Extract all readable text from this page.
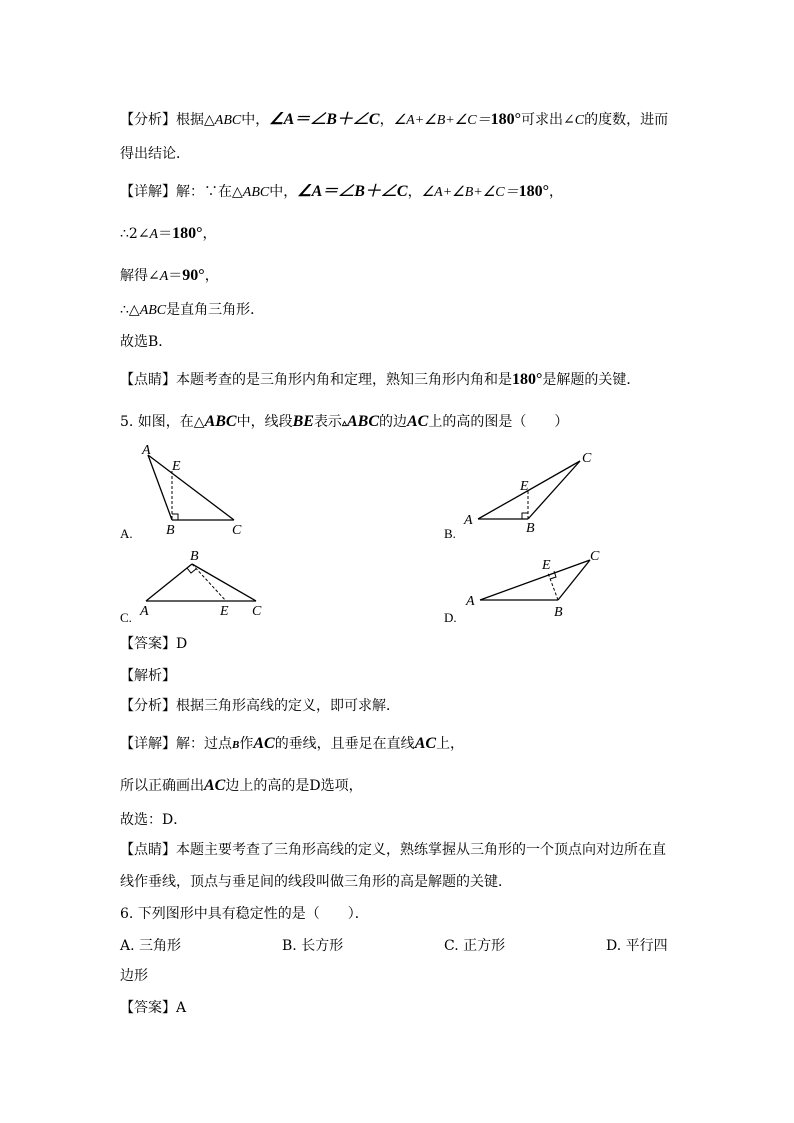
【分析】根据△ABC中，∠A＝∠B＋∠C，∠A+∠B+∠C＝180°可求出∠C的度数，进而
得出结论．
【详解】解：∵在△ABC中，∠A＝∠B＋∠C，∠A+∠B+∠C＝180°，
∴2∠A＝180°，
解得∠A＝90°，
∴△ABC是直角三角形．
故选B．
【点睛】本题考查的是三角形内角和定理，熟知三角形内角和是180°是解题的关键．
5. 如图，在△ABC中，线段BE表示▵ABC的边AC上的高的图是（　　）
A
E
B	C
A.
A
E
B
C
B.
A
B
E C
C.
A
E
B
C
D.
【答案】D
【解析】
【分析】根据三角形高线的定义，即可求解．
【详解】解：过点B作AC的垂线，且垂足在直线AC上，
所以正确画出AC边上的高的是D选项，
故选：D．
【点睛】本题主要考查了三角形高线的定义，熟练掌握从三角形的一个顶点向对边所在直
线作垂线，顶点与垂足间的线段叫做三角形的高是解题的关键．
6. 下列图形中具有稳定性的是（　　）．
A. 三角形	B. 长方形	C. 正方形	D. 平行四
边形
【答案】A
